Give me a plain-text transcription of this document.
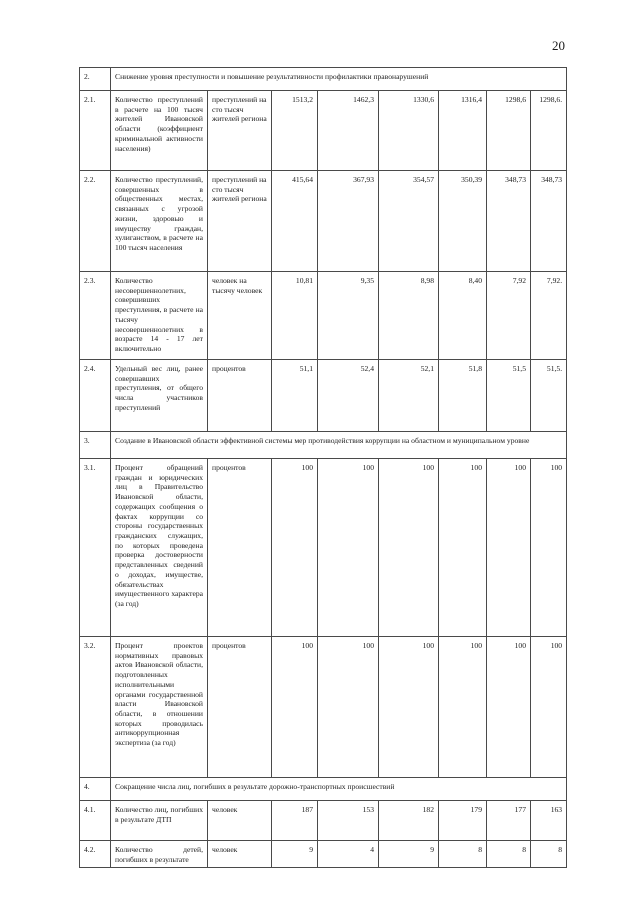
20
2.	Снижение уровня преступности и повышение результативности профилактики правонарушений							
2.1.	Количество преступлений в расчете на 100 тысяч жителей Ивановской области (коэффициент криминальной активности населения)	преступлений на сто тысяч жителей региона	1513,2	1462,3	1330,6	1316,4	1298,6	1298,6.
2.2.	Количество преступлений, совершенных в общественных местах, связанных с угрозой жизни, здоровью и имуществу граждан, хулиганством, в расчете на 100 тысяч населения	преступлений на сто тысяч жителей региона	415,64	367,93	354,57	350,39	348,73	348,73
2.3.	Количество несовершеннолетних, совершивших преступления, в расчете на тысячу несовершеннолетних в возрасте 14 - 17 лет включительно	человек на тысячу человек	10,81	9,35	8,98	8,40	7,92	7,92.
2.4.	Удельный вес лиц, ранее совершавших преступления, от общего числа участников преступлений	процентов	51,1	52,4	52,1	51,8	51,5	51,5.
3.	Создание в Ивановской области эффективной системы мер противодействия коррупции на областном и муниципальном уровне							
3.1.	Процент обращений граждан и юридических лиц в Правительство Ивановской области, содержащих сообщения о фактах коррупции со стороны государственных гражданских служащих, по которых проведена проверка достоверности представленных сведений о доходах, имуществе, обязательствах имущественного характера (за год)	процентов	100	100	100	100	100	100
3.2.	Процент проектов нормативных правовых актов Ивановской области, подготовленных исполнительными органами государственной власти Ивановской области, в отношении которых проводилась антикоррупционная экспертиза (за год)	процентов	100	100	100	100	100	100
4.	Сокращение числа лиц, погибших в результате дорожно-транспортных происшествий							
4.1.	Количество лиц, погибших в результате ДТП	человек	187	153	182	179	177	163
4.2.	Количество детей, погибших в результате	человек	9	4	9	8	8	8
